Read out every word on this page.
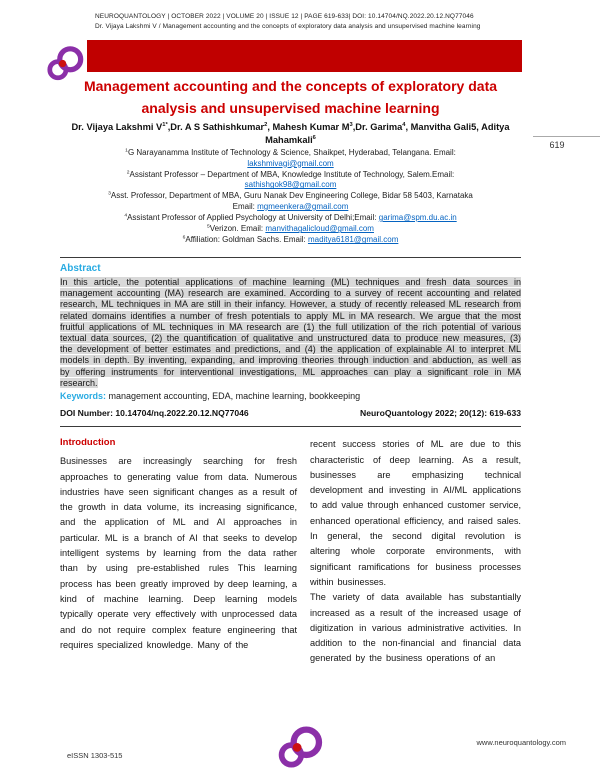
NEUROQUANTOLOGY | OCTOBER 2022 | VOLUME 20 | ISSUE 12 | PAGE 619-633| DOI: 10.14704/NQ.2022.20.12.NQ77046
Dr. Vijaya Lakshmi V / Management accounting and the concepts of exploratory data analysis and unsupervised machine learning
619
Management accounting and the concepts of exploratory data analysis and unsupervised machine learning
Dr. Vijaya Lakshmi $V^{1*},Dr$. A S Sathishkumar$^2$, Mahesh Kumar $M^3,Dr$. Garima$^4$, Manvitha Gali5, Aditya Mahamkali$^6$
$^1$G Narayanamma Institute of Technology & Science, Shaikpet, Hyderabad, Telangana. Email:
lakshmivagi@gmail.com
$^2$Assistant Professor – Department of MBA, Knowledge Institute of Technology, Salem.Email:
sathishgok98@gmail.com
$^3$Asst. Professor, Department of MBA, Guru Nanak Dev Engineering College, Bidar 58 5403, Karnataka
Email: mgmeenkera@gmail.com
$^4$Assistant Professor of Applied Psychology at University of Delhi;Email: garima@spm.du.ac.in
$^5$Verizon. Email: manvithagalicloud@gmail.com
$^6$Affiliation: Goldman Sachs. Email: maditya6181@gmail.com
Abstract

In this article, the potential applications of machine learning (ML) techniques and fresh data sources in management accounting (MA) research are examined. According to a survey of recent accounting and related research, ML techniques in MA are still in their infancy. However, a study of recently released ML research from related domains identifies a number of fresh potentials to apply ML in MA research. We argue that the most fruitful applications of ML techniques in MA research are (1) the full utilization of the rich potential of various textual data sources, (2) the quantification of qualitative and unstructured data to produce new measures, (3) the development of better estimates and predictions, and (4) the application of explainable AI to interpret ML models in depth. By inventing, expanding, and improving theories through induction and abduction, as well as by offering instruments for interventional investigations, ML approaches can play a significant role in MA research.

Keywords: management accounting, EDA, machine learning, bookkeeping

DOI Number: 10.14704/nq.2022.20.12.NQ77046	NeuroQuantology 2022; 20(12): 619-633
Introduction

Businesses are increasingly searching for fresh approaches to generating value from data. Numerous industries have seen significant changes as a result of the growth in data volume, its increasing significance, and the application of ML and AI approaches in particular. ML is a branch of AI that seeks to develop intelligent systems by learning from the data rather than by using pre-established rules This learning process has been greatly improved by deep learning, a kind of machine learning. Deep learning models typically operate very effectively with unprocessed data and do not require complex feature engineering that requires specialized knowledge. Many of the

recent success stories of ML are due to this characteristic of deep learning. As a result, businesses are emphasizing technical development and investing in AI/ML applications to add value through enhanced customer service, enhanced operational efficiency, and raised sales. In general, the second digital revolution is altering whole corporate environments, with significant ramifications for business processes within businesses.

The variety of data available has substantially increased as a result of the increased usage of digitization in various administrative activities. In addition to the non-financial and financial data generated by the business operations of an

eISSN 1303-515
www.neuroquantology.com
